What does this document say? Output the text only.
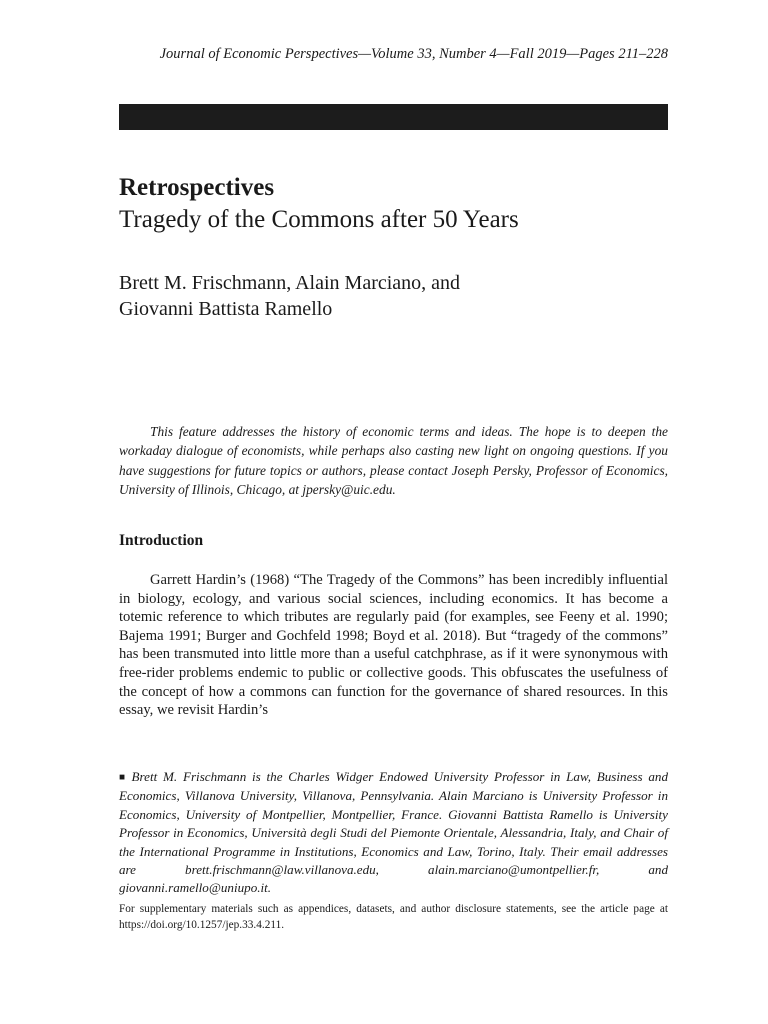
Journal of Economic Perspectives—Volume 33, Number 4—Fall 2019—Pages 211–228
Retrospectives
Tragedy of the Commons after 50 Years
Brett M. Frischmann, Alain Marciano, and
Giovanni Battista Ramello

This feature addresses the history of economic terms and ideas. The hope is to deepen the workaday dialogue of economists, while perhaps also casting new light on ongoing questions. If you have suggestions for future topics or authors, please contact Joseph Persky, Professor of Economics, University of Illinois, Chicago, at jpersky@uic.edu.

Introduction

Garrett Hardin’s (1968) “The Tragedy of the Commons” has been incredibly influential in biology, ecology, and various social sciences, including economics. It has become a totemic reference to which tributes are regularly paid (for examples, see Feeny et al. 1990; Bajema 1991; Burger and Gochfeld 1998; Boyd et al. 2018). But “tragedy of the commons” has been transmuted into little more than a useful catchphrase, as if it were synonymous with free-rider problems endemic to public or collective goods. This obfuscates the usefulness of the concept of how a commons can function for the governance of shared resources. In this essay, we revisit Hardin’s

■ Brett M. Frischmann is the Charles Widger Endowed University Professor in Law, Business and Economics, Villanova University, Villanova, Pennsylvania. Alain Marciano is University Professor in Economics, University of Montpellier, Montpellier, France. Giovanni Battista Ramello is University Professor in Economics, Università degli Studi del Piemonte Orientale, Alessandria, Italy, and Chair of the International Programme in Institutions, Economics and Law, Torino, Italy. Their email addresses are brett.frischmann@law.villanova.edu, alain.marciano@umontpellier.fr, and giovanni.ramello@uniupo.it.

For supplementary materials such as appendices, datasets, and author disclosure statements, see the article page at https://doi.org/10.1257/jep.33.4.211.
